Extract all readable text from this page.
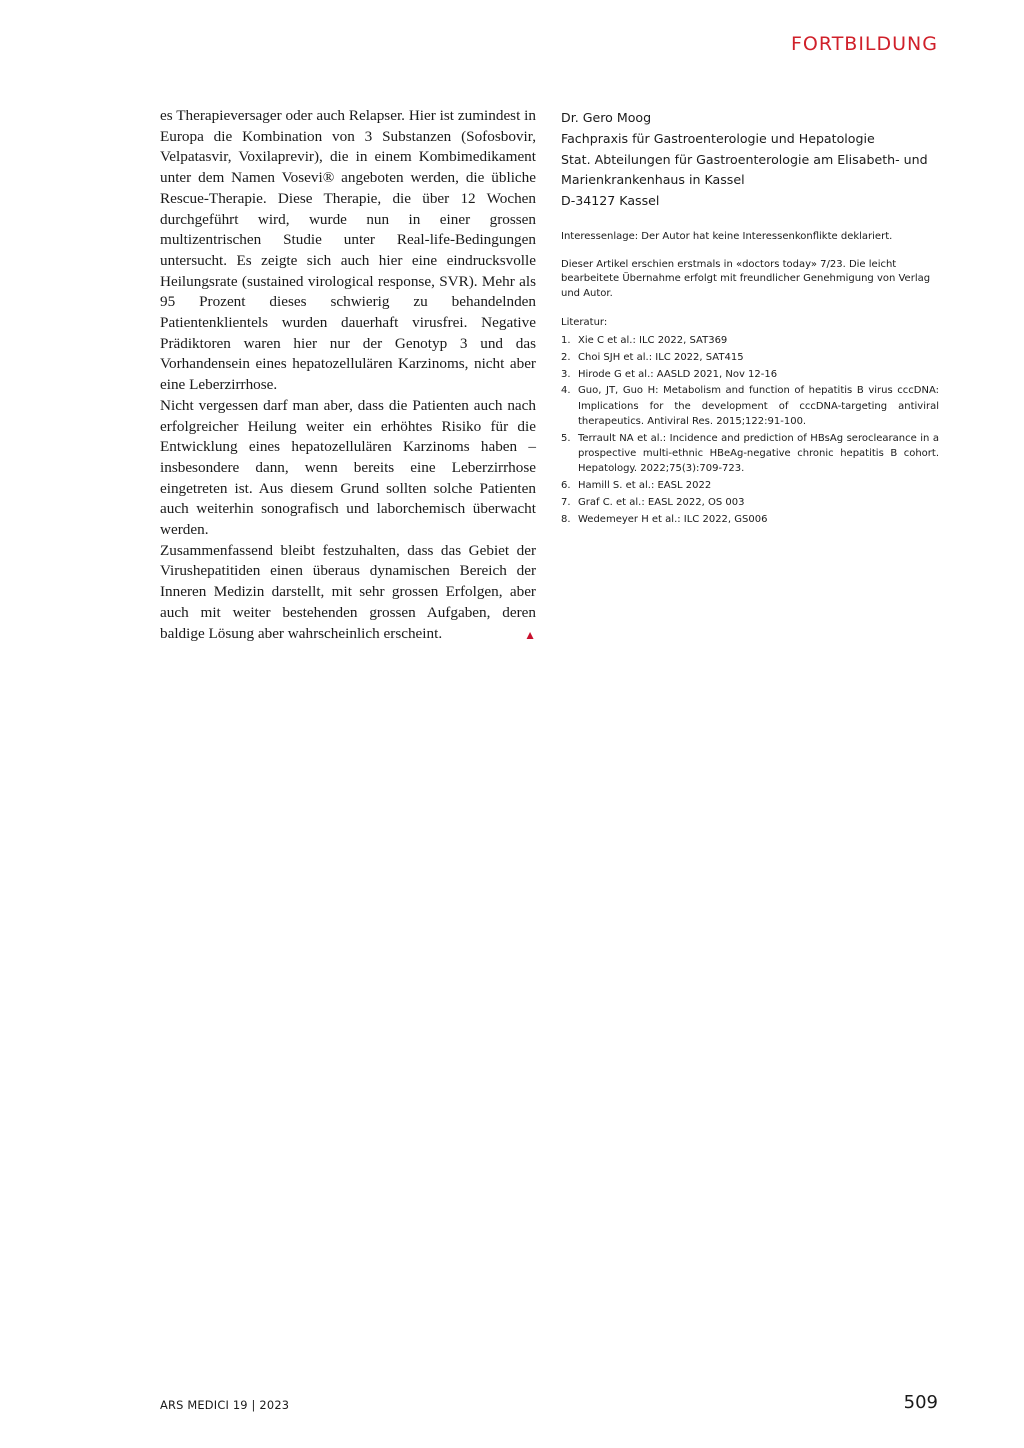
FORTBILDUNG

es Therapieversager oder auch Relapser. Hier ist zumindest in Europa die Kombination von 3 Substanzen (Sofosbovir, Velpatasvir, Voxilaprevir), die in einem Kombimedikament unter dem Namen Vosevi® angeboten werden, die übliche Rescue-Therapie. Diese Therapie, die über 12 Wochen durchgeführt wird, wurde nun in einer grossen multizentrischen Studie unter Real-life-Bedingungen untersucht. Es zeigte sich auch hier eine eindrucksvolle Heilungsrate (sustained virological response, SVR). Mehr als 95 Prozent dieses schwierig zu behandelnden Patientenklientels wurden dauerhaft virusfrei. Negative Prädiktoren waren hier nur der Genotyp 3 und das Vorhandensein eines hepatozellulären Karzinoms, nicht aber eine Leberzirrhose.

Nicht vergessen darf man aber, dass die Patienten auch nach erfolgreicher Heilung weiter ein erhöhtes Risiko für die Entwicklung eines hepatozellulären Karzinoms haben – insbesondere dann, wenn bereits eine Leberzirrhose eingetreten ist. Aus diesem Grund sollten solche Patienten auch weiterhin sonografisch und laborchemisch überwacht werden.

Zusammenfassend bleibt festzuhalten, dass das Gebiet der Virushepatitiden einen überaus dynamischen Bereich der Inneren Medizin darstellt, mit sehr grossen Erfolgen, aber auch mit weiter bestehenden grossen Aufgaben, deren baldige Lösung aber wahrscheinlich erscheint.	▲

Dr. Gero Moog
Fachpraxis für Gastroenterologie und Hepatologie
Stat. Abteilungen für Gastroenterologie am Elisabeth- und
Marienkrankenhaus in Kassel
D-34127 Kassel
Interessenlage: Der Autor hat keine Interessenkonflikte deklariert.
Dieser Artikel erschien erstmals in «doctors today» 7/23. Die leicht bearbeitete Übernahme erfolgt mit freundlicher Genehmigung von Verlag und Autor.
Literatur:
1. Xie C et al.: ILC 2022, SAT369
2. Choi SJH et al.: ILC 2022, SAT415
3. Hirode G et al.: AASLD 2021, Nov 12-16
4. Guo, JT, Guo H: Metabolism and function of hepatitis B virus cccDNA: Implications for the development of cccDNA-targeting antiviral therapeutics. Antiviral Res. 2015;122:91-100.
5. Terrault NA et al.: Incidence and prediction of HBsAg seroclearance in a prospective multi-ethnic HBeAg-negative chronic hepatitis B cohort. Hepatology. 2022;75(3):709-723.
6. Hamill S. et al.: EASL 2022
7. Graf C. et al.: EASL 2022, OS 003
8. Wedemeyer H et al.: ILC 2022, GS006
ARS MEDICI 19 | 2023	509
